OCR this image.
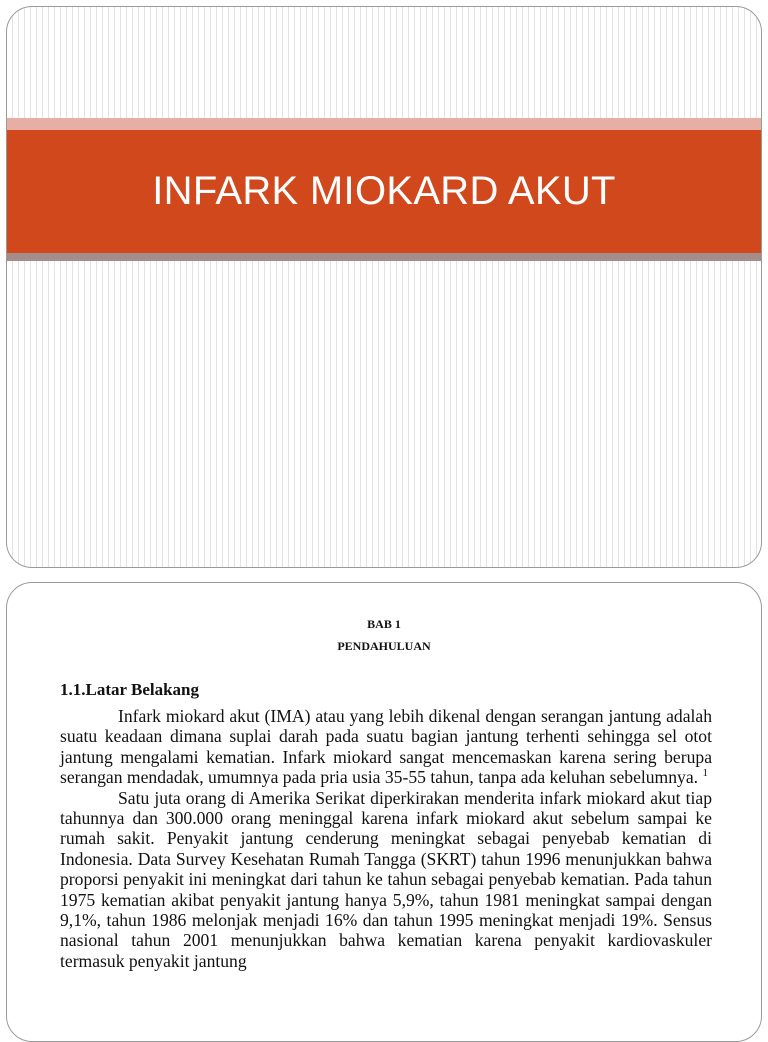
INFARK MIOKARD AKUT
BAB 1
PENDAHULUAN
1.1.Latar Belakang

Infark miokard akut (IMA) atau yang lebih dikenal dengan serangan jantung adalah suatu keadaan dimana suplai darah pada suatu bagian jantung terhenti sehingga sel otot jantung mengalami kematian. Infark miokard sangat mencemaskan karena sering berupa serangan mendadak, umumnya pada pria usia 35-55 tahun, tanpa ada keluhan sebelumnya. $^1$

Satu juta orang di Amerika Serikat diperkirakan menderita infark miokard akut tiap tahunnya dan 300.000 orang meninggal karena infark miokard akut sebelum sampai ke rumah sakit. Penyakit jantung cenderung meningkat sebagai penyebab kematian di Indonesia. Data Survey Kesehatan Rumah Tangga (SKRT) tahun 1996 menunjukkan bahwa proporsi penyakit ini meningkat dari tahun ke tahun sebagai penyebab kematian. Pada tahun 1975 kematian akibat penyakit jantung hanya 5,9%, tahun 1981 meningkat sampai dengan 9,1%, tahun 1986 melonjak menjadi 16% dan tahun 1995 meningkat menjadi 19%. Sensus nasional tahun 2001 menunjukkan bahwa kematian karena penyakit kardiovaskuler termasuk penyakit jantung
